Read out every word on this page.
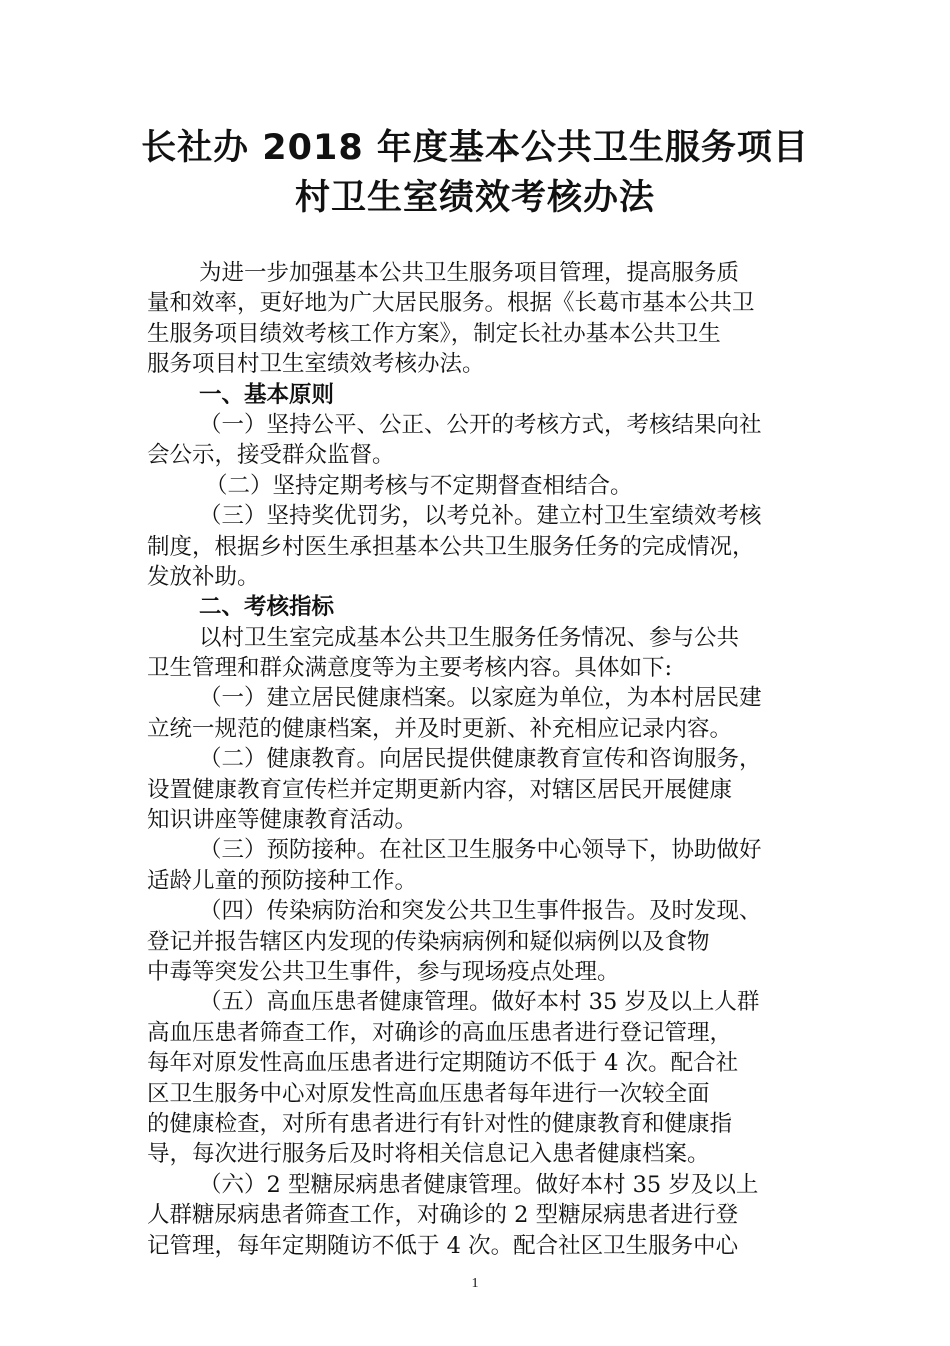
长社办 2018 年度基本公共卫生服务项目
村卫生室绩效考核办法
为进一步加强基本公共卫生服务项目管理，提高服务质
量和效率，更好地为广大居民服务。根据《长葛市基本公共卫
生服务项目绩效考核工作方案》，制定长社办基本公共卫生
服务项目村卫生室绩效考核办法。
一、基本原则
（一）坚持公平、公正、公开的考核方式，考核结果向社
会公示，接受群众监督。
（二）坚持定期考核与不定期督查相结合。
（三）坚持奖优罚劣，以考兑补。建立村卫生室绩效考核
制度，根据乡村医生承担基本公共卫生服务任务的完成情况，
发放补助。
二、考核指标
以村卫生室完成基本公共卫生服务任务情况、参与公共
卫生管理和群众满意度等为主要考核内容。具体如下:
（一）建立居民健康档案。以家庭为单位，为本村居民建
立统一规范的健康档案，并及时更新、补充相应记录内容。
（二）健康教育。向居民提供健康教育宣传和咨询服务，
设置健康教育宣传栏并定期更新内容，对辖区居民开展健康
知识讲座等健康教育活动。
（三）预防接种。在社区卫生服务中心领导下，协助做好
适龄儿童的预防接种工作。
（四）传染病防治和突发公共卫生事件报告。及时发现、
登记并报告辖区内发现的传染病病例和疑似病例以及食物
中毒等突发公共卫生事件，参与现场疫点处理。
（五）高血压患者健康管理。做好本村 35 岁及以上人群
高血压患者筛查工作，对确诊的高血压患者进行登记管理，
每年对原发性高血压患者进行定期随访不低于 4 次。配合社
区卫生服务中心对原发性高血压患者每年进行一次较全面
的健康检查，对所有患者进行有针对性的健康教育和健康指
导，每次进行服务后及时将相关信息记入患者健康档案。
（六）2 型糖尿病患者健康管理。做好本村 35 岁及以上
人群糖尿病患者筛查工作，对确诊的 2 型糖尿病患者进行登
记管理，每年定期随访不低于 4 次。配合社区卫生服务中心
1
